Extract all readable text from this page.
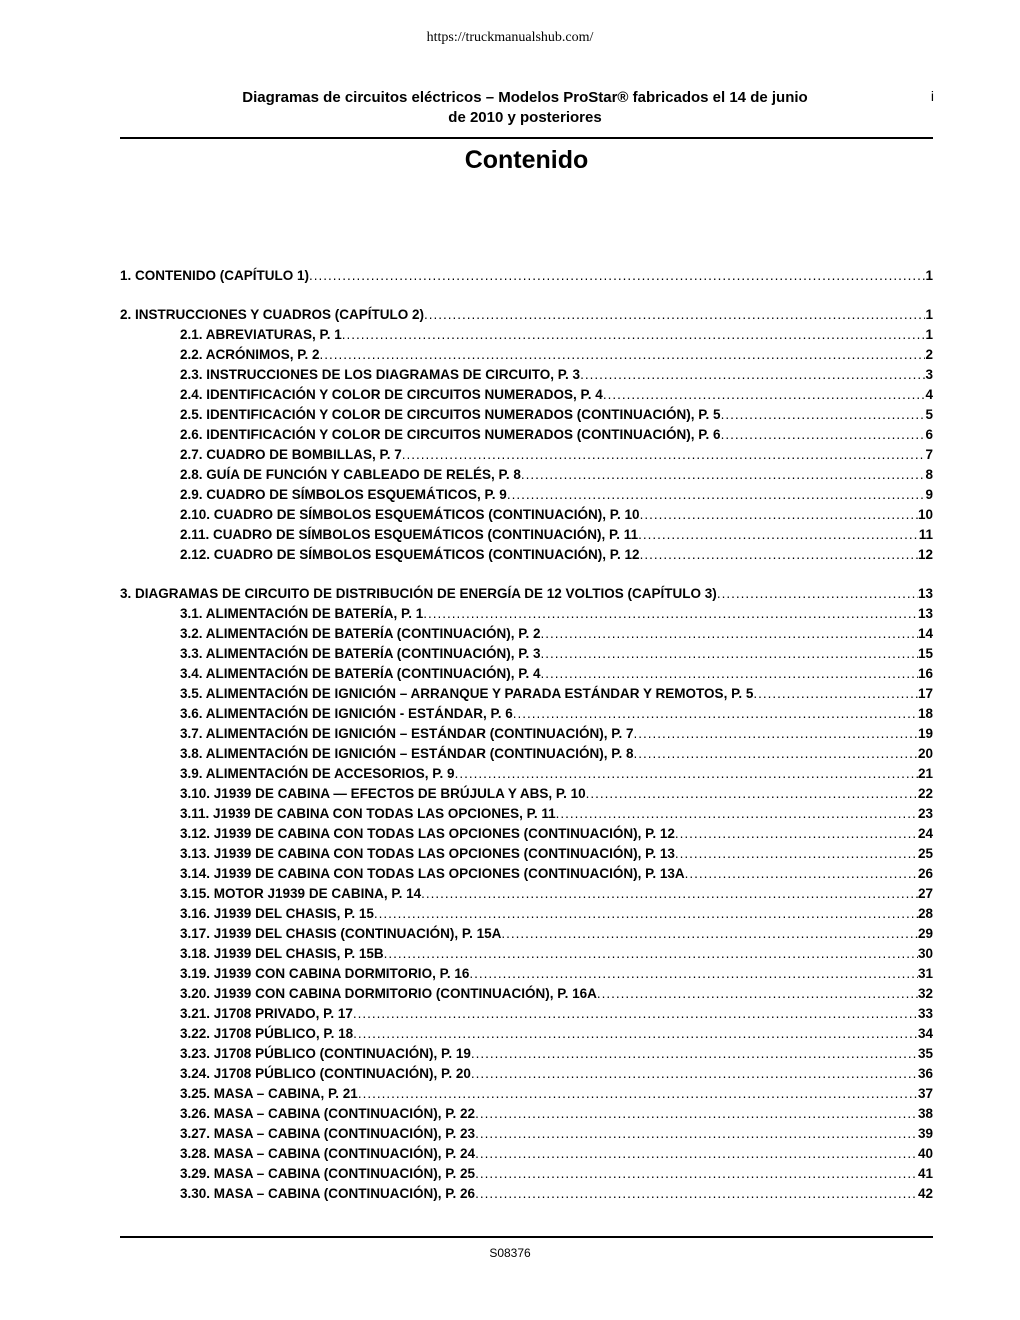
https://truckmanualshub.com/
Diagramas de circuitos eléctricos – Modelos ProStar® fabricados el 14 de junio
de 2010 y posteriores
i
Contenido
1. CONTENIDO (CAPÍTULO 1) .....	1
2. INSTRUCCIONES Y CUADROS (CAPÍTULO 2) .....	1
2.1. ABREVIATURAS, P. 1 .....	1
2.2. ACRÓNIMOS, P. 2 .....	2
2.3. INSTRUCCIONES DE LOS DIAGRAMAS DE CIRCUITO, P. 3 .....	3
2.4. IDENTIFICACIÓN Y COLOR DE CIRCUITOS NUMERADOS, P. 4 .....	4
2.5. IDENTIFICACIÓN Y COLOR DE CIRCUITOS NUMERADOS (CONTINUACIÓN), P. 5 .....	5
2.6. IDENTIFICACIÓN Y COLOR DE CIRCUITOS NUMERADOS (CONTINUACIÓN), P. 6 .....	6
2.7. CUADRO DE BOMBILLAS, P. 7 .....	7
2.8. GUÍA DE FUNCIÓN Y CABLEADO DE RELÉS, P. 8 .....	8
2.9. CUADRO DE SÍMBOLOS ESQUEMÁTICOS, P. 9 .....	9
2.10. CUADRO DE SÍMBOLOS ESQUEMÁTICOS (CONTINUACIÓN), P. 10 .....	10
2.11. CUADRO DE SÍMBOLOS ESQUEMÁTICOS (CONTINUACIÓN), P. 11 .....	11
2.12. CUADRO DE SÍMBOLOS ESQUEMÁTICOS (CONTINUACIÓN), P. 12 .....	12
3. DIAGRAMAS DE CIRCUITO DE DISTRIBUCIÓN DE ENERGÍA DE 12 VOLTIOS (CAPÍTULO 3) .....	13
3.1. ALIMENTACIÓN DE BATERÍA, P. 1 .....	13
3.2. ALIMENTACIÓN DE BATERÍA (CONTINUACIÓN), P. 2 .....	14
3.3. ALIMENTACIÓN DE BATERÍA (CONTINUACIÓN), P. 3 .....	15
3.4. ALIMENTACIÓN DE BATERÍA (CONTINUACIÓN), P. 4 .....	16
3.5. ALIMENTACIÓN DE IGNICIÓN – ARRANQUE Y PARADA ESTÁNDAR Y REMOTOS, P. 5 .....	17
3.6. ALIMENTACIÓN DE IGNICIÓN - ESTÁNDAR, P. 6 .....	18
3.7. ALIMENTACIÓN DE IGNICIÓN – ESTÁNDAR (CONTINUACIÓN), P. 7 .....	19
3.8. ALIMENTACIÓN DE IGNICIÓN – ESTÁNDAR (CONTINUACIÓN), P. 8 .....	20
3.9. ALIMENTACIÓN DE ACCESORIOS, P. 9 .....	21
3.10. J1939 DE CABINA — EFECTOS DE BRÚJULA Y ABS, P. 10 .....	22
3.11. J1939 DE CABINA CON TODAS LAS OPCIONES, P. 11 .....	23
3.12. J1939 DE CABINA CON TODAS LAS OPCIONES (CONTINUACIÓN), P. 12 .....	24
3.13. J1939 DE CABINA CON TODAS LAS OPCIONES (CONTINUACIÓN), P. 13 .....	25
3.14. J1939 DE CABINA CON TODAS LAS OPCIONES (CONTINUACIÓN), P. 13A .....	26
3.15. MOTOR J1939 DE CABINA, P. 14 .....	27
3.16. J1939 DEL CHASIS, P. 15 .....	28
3.17. J1939 DEL CHASIS (CONTINUACIÓN), P. 15A .....	29
3.18. J1939 DEL CHASIS, P. 15B .....	30
3.19. J1939 CON CABINA DORMITORIO, P. 16 .....	31
3.20. J1939 CON CABINA DORMITORIO (CONTINUACIÓN), P. 16A .....	32
3.21. J1708 PRIVADO, P. 17 .....	33
3.22. J1708 PÚBLICO, P. 18 .....	34
3.23. J1708 PÚBLICO (CONTINUACIÓN), P. 19 .....	35
3.24. J1708 PÚBLICO (CONTINUACIÓN), P. 20 .....	36
3.25. MASA – CABINA, P. 21 .....	37
3.26. MASA – CABINA (CONTINUACIÓN), P. 22 .....	38
3.27. MASA – CABINA (CONTINUACIÓN), P. 23 .....	39
3.28. MASA – CABINA (CONTINUACIÓN), P. 24 .....	40
3.29. MASA – CABINA (CONTINUACIÓN), P. 25 .....	41
3.30. MASA – CABINA (CONTINUACIÓN), P. 26 .....	42
S08376
